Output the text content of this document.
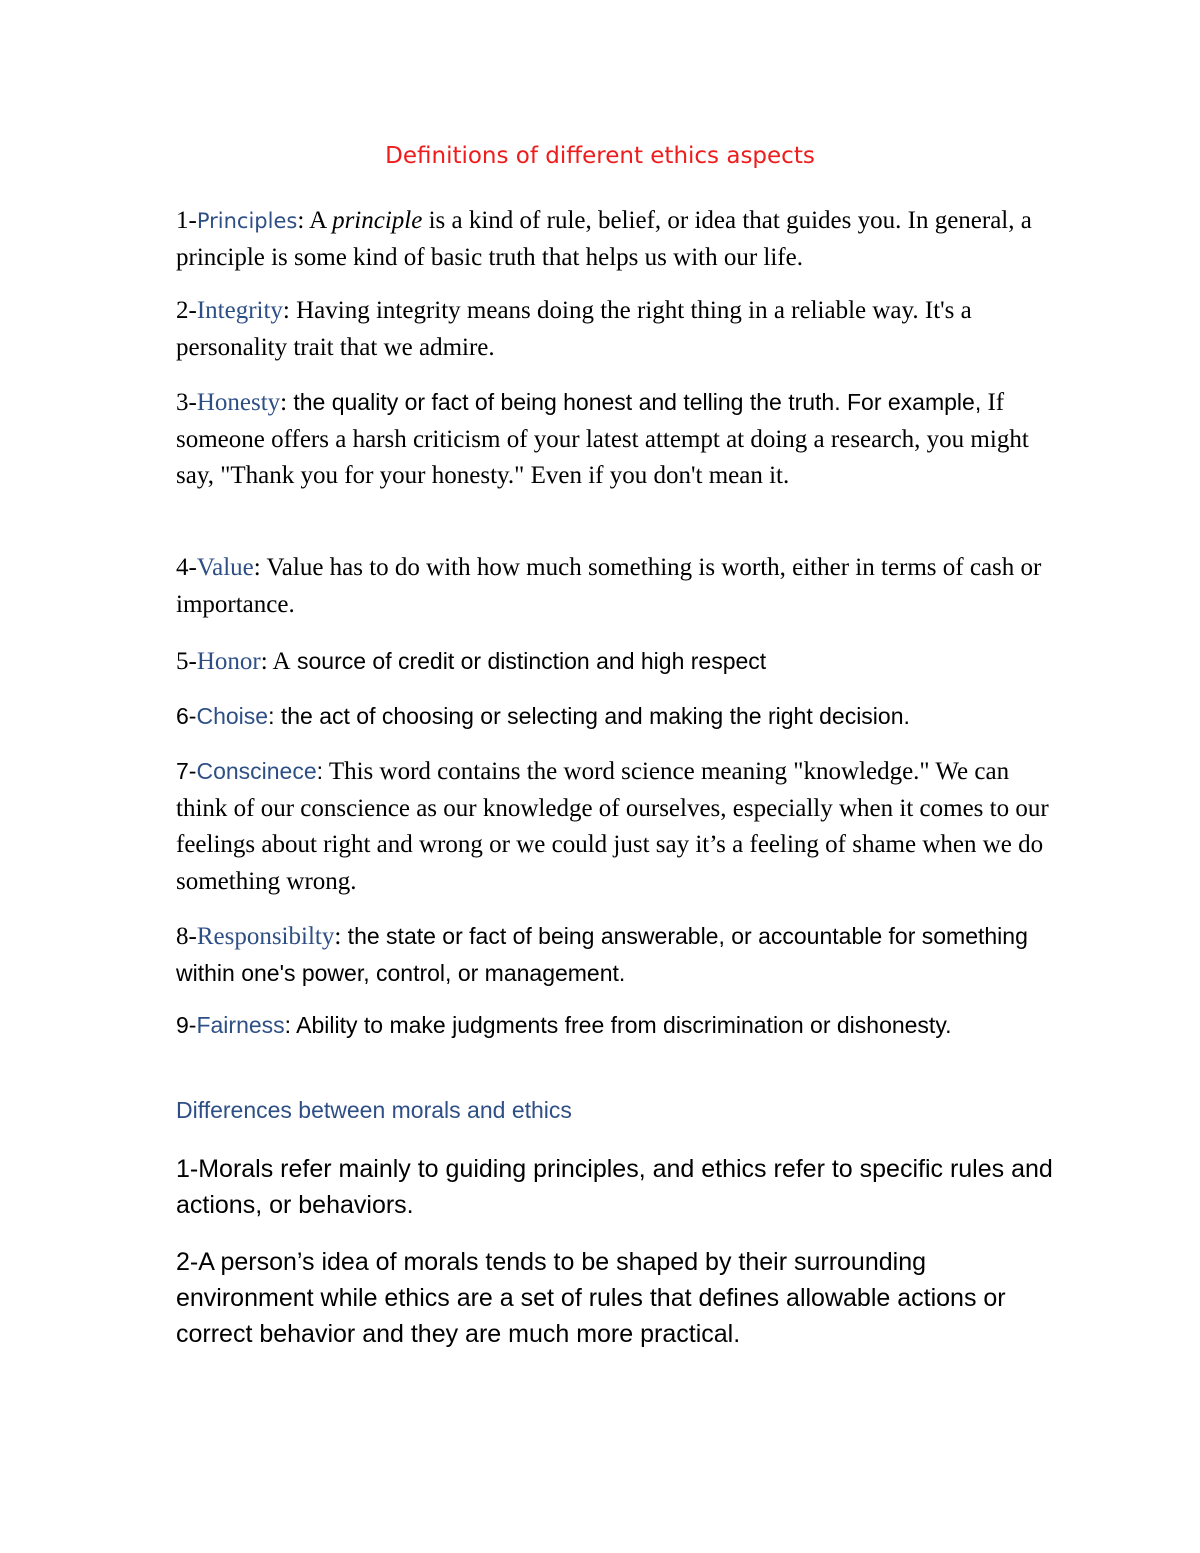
Definitions of different ethics aspects

1-Principles: A principle is a kind of rule, belief, or idea that guides you. In general, a principle is some kind of basic truth that helps us with our life.

2-Integrity: Having integrity means doing the right thing in a reliable way. It's a personality trait that we admire.

3-Honesty: the quality or fact of being honest and telling the truth. For example, If someone offers a harsh criticism of your latest attempt at doing a research, you might say, "Thank you for your honesty." Even if you don't mean it.

4-Value: Value has to do with how much something is worth, either in terms of cash or importance.

5-Honor: A source of credit or distinction and high respect

6-Choise: the act of choosing or selecting and making the right decision.

7-Conscinece: This word contains the word science meaning "knowledge." We can think of our conscience as our knowledge of ourselves, especially when it comes to our feelings about right and wrong or we could just say it’s a feeling of shame when we do something wrong.

8-Responsibilty: the state or fact of being answerable, or accountable for something within one's power, control, or management.

9-Fairness: Ability to make judgments free from discrimination or dishonesty.

Differences between morals and ethics

1-Morals refer mainly to guiding principles, and ethics refer to specific rules and actions, or behaviors.

2-A person’s idea of morals tends to be shaped by their surrounding environment while ethics are a set of rules that defines allowable actions or correct behavior and they are much more practical.
